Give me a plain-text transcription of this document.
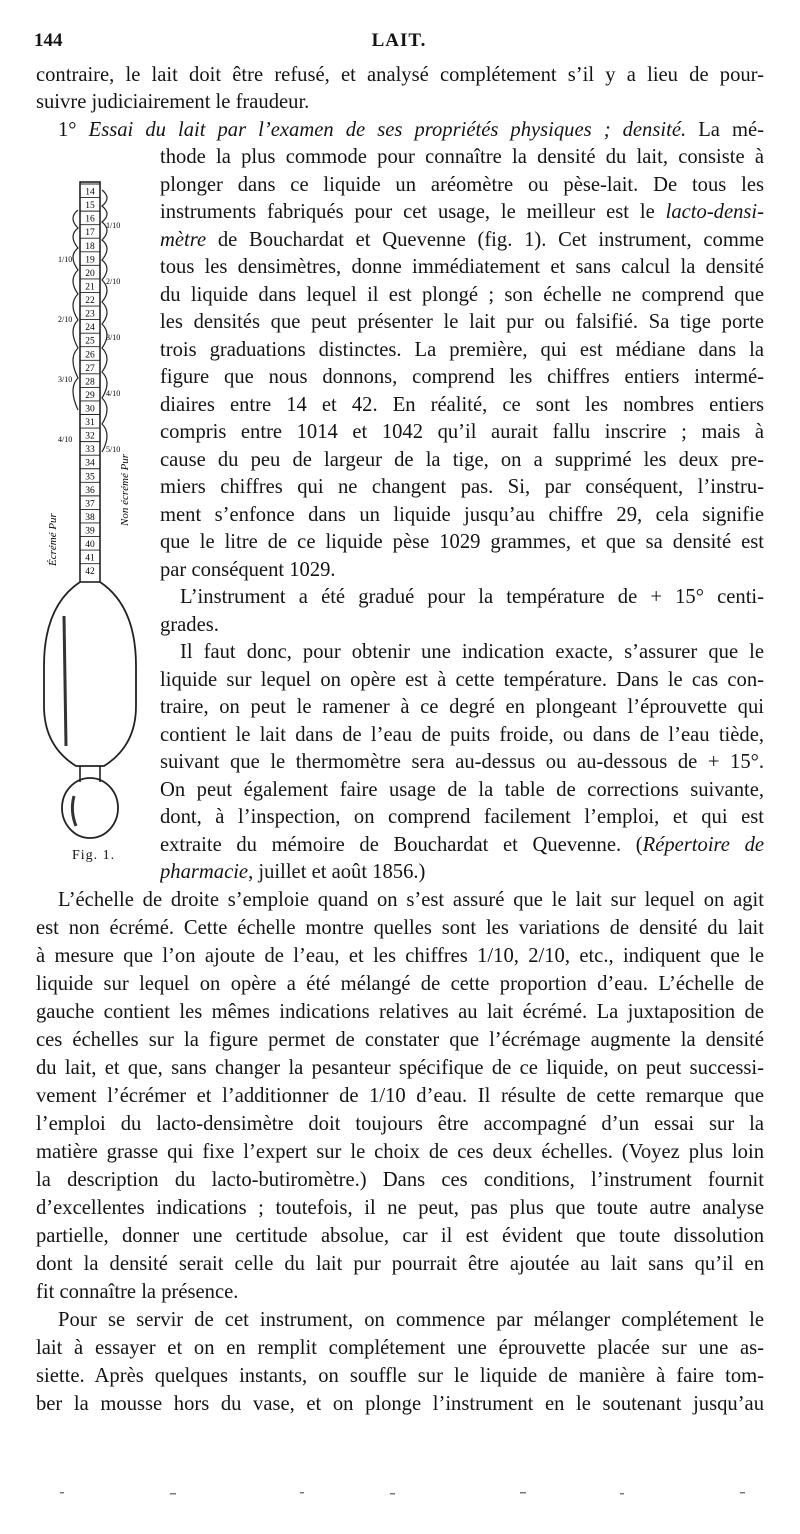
144	LAIT.
contraire, le lait doit être refusé, et analysé complétement s’il y a lieu de pour-
suivre judiciairement le fraudeur.
1° Essai du lait par l’examen de ses propriétés physiques ; densité. La mé-
thode la plus commode pour connaître la densité du lait, consiste à
plonger dans ce liquide un aréomètre ou pèse-lait. De tous les
instruments fabriqués pour cet usage, le meilleur est le lacto-densi-
mètre de Bouchardat et Quevenne (fig. 1). Cet instrument, comme
tous les densimètres, donne immédiatement et sans calcul la densité
du liquide dans lequel il est plongé ; son échelle ne comprend que
les densités que peut présenter le lait pur ou falsifié. Sa tige porte
trois graduations distinctes. La première, qui est médiane dans la
figure que nous donnons, comprend les chiffres entiers intermé-
diaires entre 14 et 42. En réalité, ce sont les nombres entiers
compris entre 1014 et 1042 qu’il aurait fallu inscrire ; mais à
cause du peu de largeur de la tige, on a supprimé les deux pre-
miers chiffres qui ne changent pas. Si, par conséquent, l’instru-
ment s’enfonce dans un liquide jusqu’au chiffre 29, cela signifie
que le litre de ce liquide pèse 1029 grammes, et que sa densité est
par conséquent 1029.
L’instrument a été gradué pour la température de + 15° centi-
grades.
Il faut donc, pour obtenir une indication exacte, s’assurer que le
liquide sur lequel on opère est à cette température. Dans le cas con-
traire, on peut le ramener à ce degré en plongeant l’éprouvette qui
contient le lait dans de l’eau de puits froide, ou dans de l’eau tiède,
suivant que le thermomètre sera au-dessus ou au-dessous de + 15°.
On peut également faire usage de la table de corrections suivante,
dont, à l’inspection, on comprend facilement l’emploi, et qui est
extraite du mémoire de Bouchardat et Quevenne. (Répertoire de
pharmacie, juillet et août 1856.)
L’échelle de droite s’emploie quand on s’est assuré que le lait sur lequel on agit
est non écrémé. Cette échelle montre quelles sont les variations de densité du lait
à mesure que l’on ajoute de l’eau, et les chiffres 1/10, 2/10, etc., indiquent que le
liquide sur lequel on opère a été mélangé de cette proportion d’eau. L’échelle de
gauche contient les mêmes indications relatives au lait écrémé. La juxtaposition de
ces échelles sur la figure permet de constater que l’écrémage augmente la densité
du lait, et que, sans changer la pesanteur spécifique de ce liquide, on peut successi-
vement l’écrémer et l’additionner de 1/10 d’eau. Il résulte de cette remarque que
l’emploi du lacto-densimètre doit toujours être accompagné d’un essai sur la
matière grasse qui fixe l’expert sur le choix de ces deux échelles. (Voyez plus loin
la description du lacto-butiromètre.) Dans ces conditions, l’instrument fournit
d’excellentes indications ; toutefois, il ne peut, pas plus que toute autre analyse
partielle, donner une certitude absolue, car il est évident que toute dissolution
dont la densité serait celle du lait pur pourrait être ajoutée au lait sans qu’il en
fit connaître la présence.
Pour se servir de cet instrument, on commence par mélanger complétement le
lait à essayer et on en remplit complétement une éprouvette placée sur une as-
siette. Après quelques instants, on souffle sur le liquide de manière à faire tom-
ber la mousse hors du vase, et on plonge l’instrument en le soutenant jusqu’au
14
15
16
17
18
19
20
21
22
23
24
25
26
27
28
29
30
31
32
33
34
35
36
37
38
39
40
41
42
Non écrémé Pur
Écrémé Pur
1/10
2/10
3/10
4/10
5/10
1/10
2/10
3/10
4/10
Fig. 1.
